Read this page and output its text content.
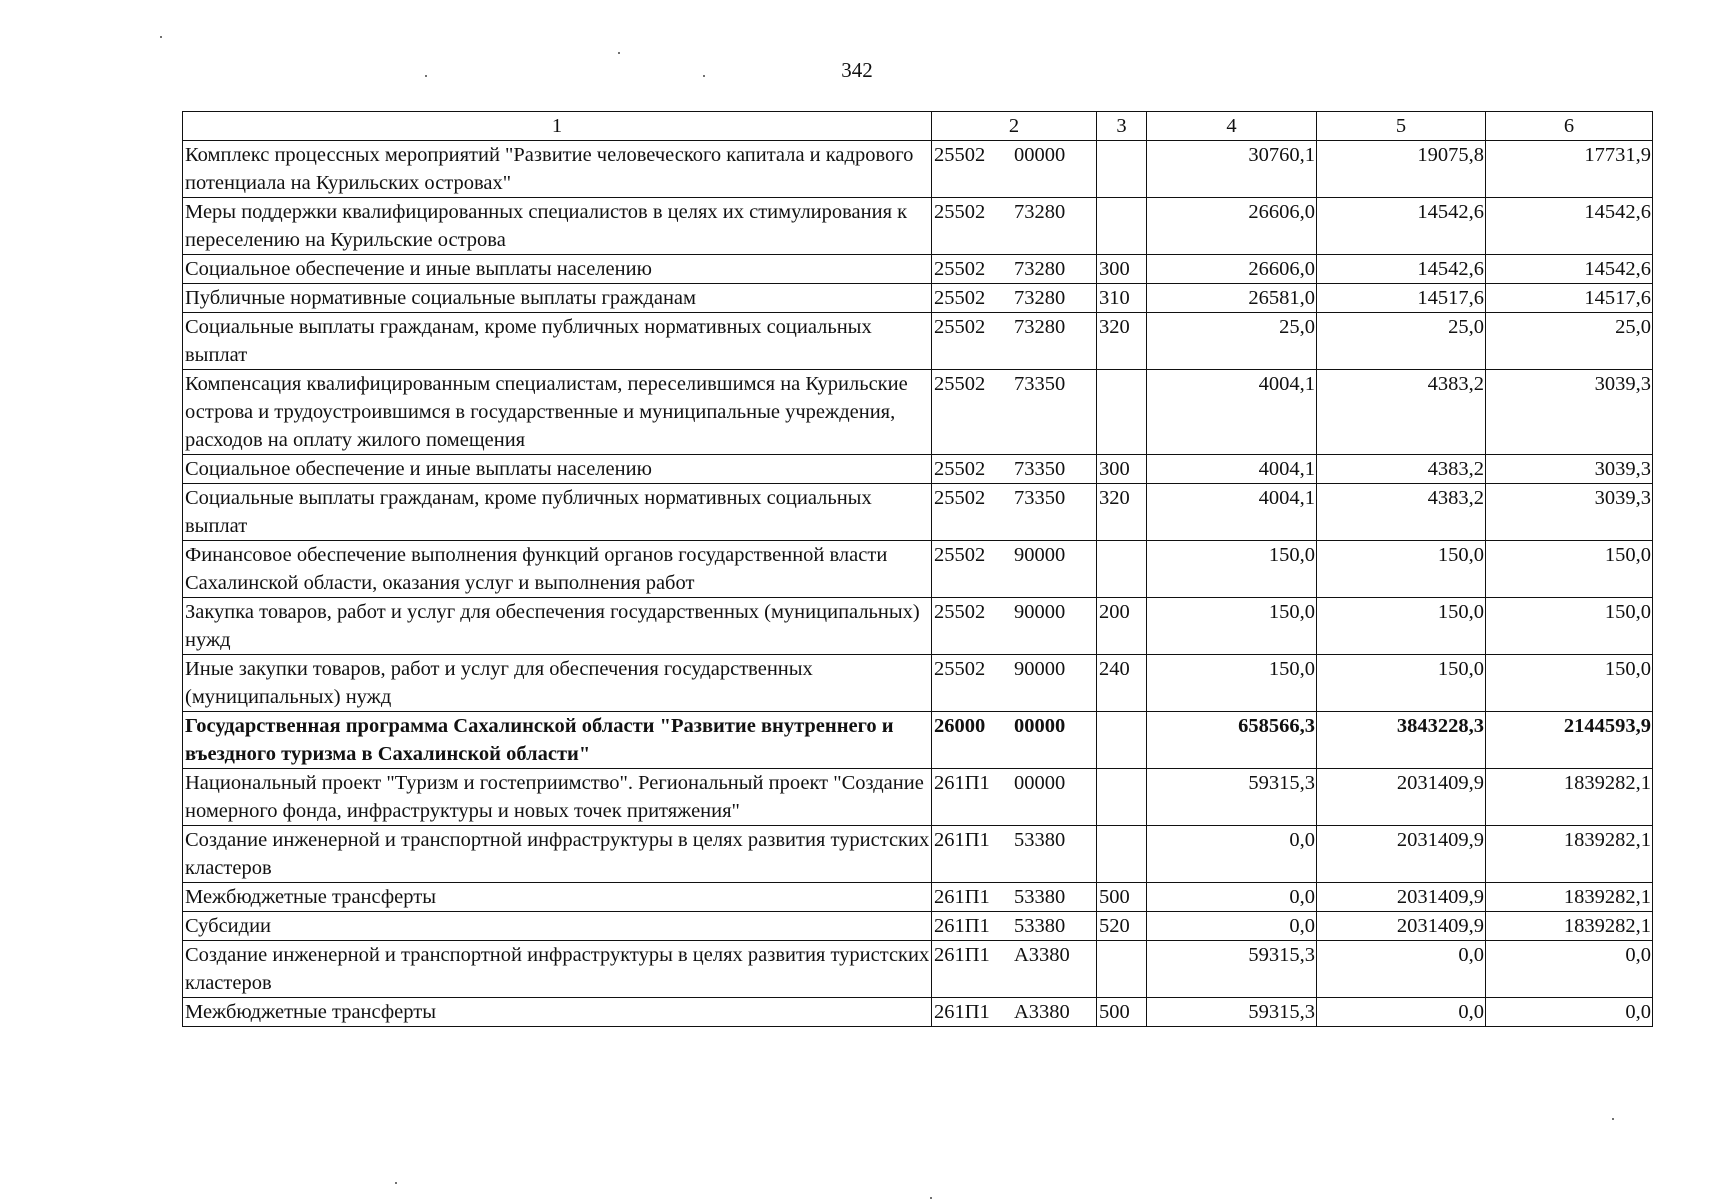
342
1	2	3	4	5	6
Комплекс процессных мероприятий "Развитие человеческого капитала и кадрового потенциала на Курильских островах"	25502 00000		30760,1	19075,8	17731,9
Меры поддержки квалифицированных специалистов в целях их стимулирования к переселению на Курильские острова	25502 73280		26606,0	14542,6	14542,6
Социальное обеспечение и иные выплаты населению	25502 73280	300	26606,0	14542,6	14542,6
Публичные нормативные социальные выплаты гражданам	25502 73280	310	26581,0	14517,6	14517,6
Социальные выплаты гражданам, кроме публичных нормативных социальных выплат	25502 73280	320	25,0	25,0	25,0
Компенсация квалифицированным специалистам, переселившимся на Курильские острова и трудоустроившимся в государственные и муниципальные учреждения, расходов на оплату жилого помещения	25502 73350		4004,1	4383,2	3039,3
Социальное обеспечение и иные выплаты населению	25502 73350	300	4004,1	4383,2	3039,3
Социальные выплаты гражданам, кроме публичных нормативных социальных выплат	25502 73350	320	4004,1	4383,2	3039,3
Финансовое обеспечение выполнения функций органов государственной власти Сахалинской области, оказания услуг и выполнения работ	25502 90000		150,0	150,0	150,0
Закупка товаров, работ и услуг для обеспечения государственных (муниципальных) нужд	25502 90000	200	150,0	150,0	150,0
Иные закупки товаров, работ и услуг для обеспечения государственных (муниципальных) нужд	25502 90000	240	150,0	150,0	150,0
Государственная программа Сахалинской области "Развитие внутреннего и въездного туризма в Сахалинской области"	26000 00000		658566,3	3843228,3	2144593,9
Национальный проект "Туризм и гостеприимство". Региональный проект "Создание номерного фонда, инфраструктуры и новых точек притяжения"	261П1 00000		59315,3	2031409,9	1839282,1
Создание инженерной и транспортной инфраструктуры в целях развития туристских кластеров	261П1 53380		0,0	2031409,9	1839282,1
Межбюджетные трансферты	261П1 53380	500	0,0	2031409,9	1839282,1
Субсидии	261П1 53380	520	0,0	2031409,9	1839282,1
Создание инженерной и транспортной инфраструктуры в целях развития туристских кластеров	261П1 А3380		59315,3	0,0	0,0
Межбюджетные трансферты	261П1 А3380	500	59315,3	0,0	0,0
